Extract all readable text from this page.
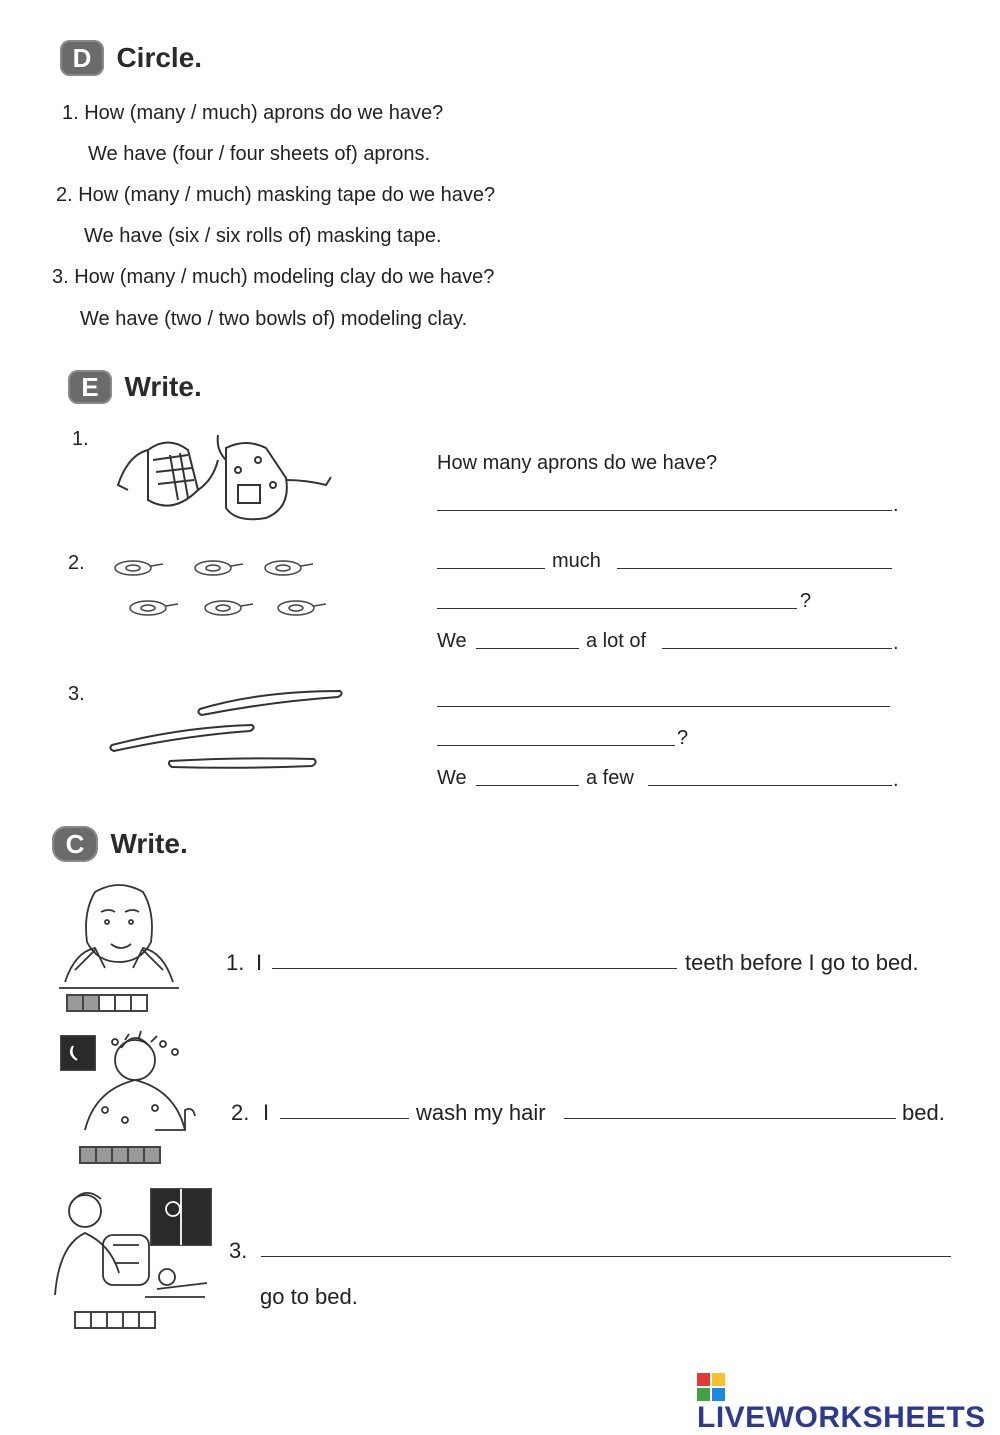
D Circle.
1. How (many / much) aprons do we have?
We have (four / four sheets of) aprons.
2. How (many / much) masking tape do we have?
We have (six / six rolls of) masking tape.
3. How (many / much) modeling clay do we have?
We have (two / two bowls of) modeling clay.
E Write.
1.
How many aprons do we have?
.
2.	much
?
We	a lot of	.
3.
?
We	a few	.
C Write.
1. I	teeth before I go to bed.
2. I	wash my hair	bed.
3.
go to bed.
LIVEWORKSHEETS
